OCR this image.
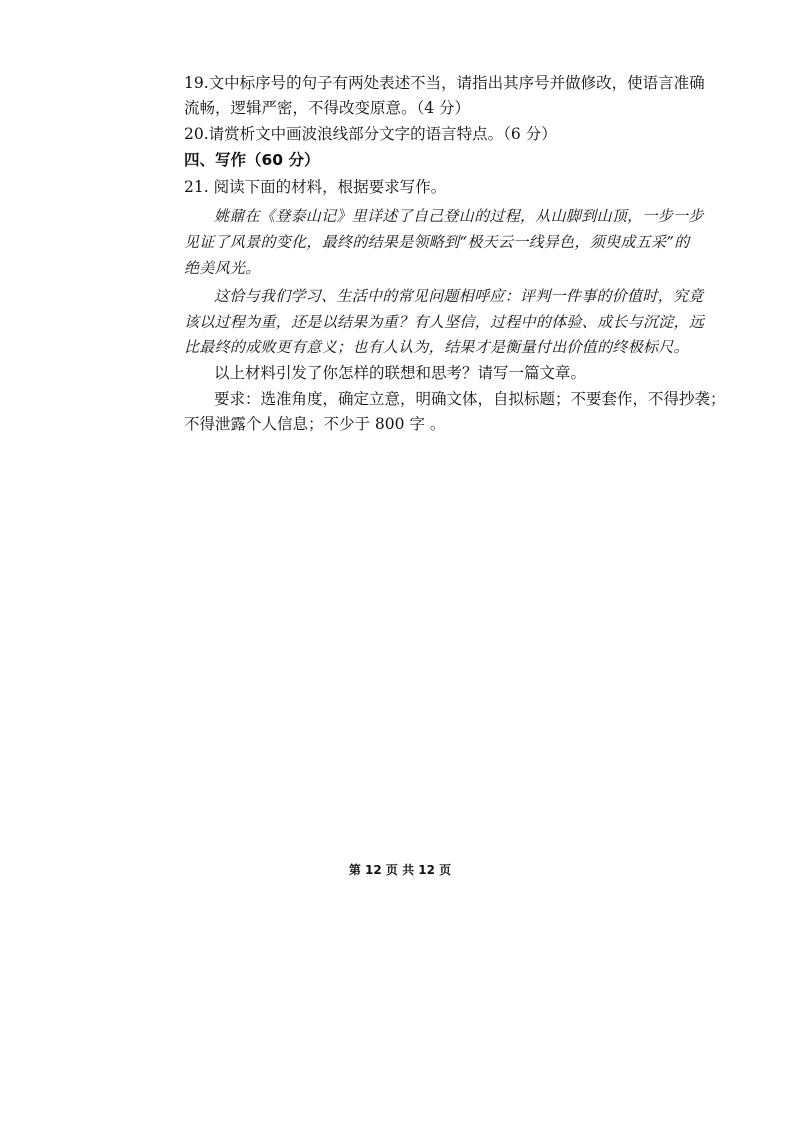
19.文中标序号的句子有两处表述不当，请指出其序号并做修改，使语言准确
流畅，逻辑严密，不得改变原意。（4 分）
20.请赏析文中画波浪线部分文字的语言特点。（6 分）
四、写作（60 分）
21. 阅读下面的材料，根据要求写作。
姚鼐在《登泰山记》里详述了自己登山的过程，从山脚到山顶，一步一步
见证了风景的变化，最终的结果是领略到“极天云一线异色，须臾成五采”的
绝美风光。
这恰与我们学习、生活中的常见问题相呼应：评判一件事的价值时，究竟
该以过程为重，还是以结果为重？有人坚信，过程中的体验、成长与沉淀，远
比最终的成败更有意义；也有人认为，结果才是衡量付出价值的终极标尺。
以上材料引发了你怎样的联想和思考？请写一篇文章。
要求：选准角度，确定立意，明确文体，自拟标题；不要套作，不得抄袭；
不得泄露个人信息；不少于 800 字 。
第 12 页 共 12 页
